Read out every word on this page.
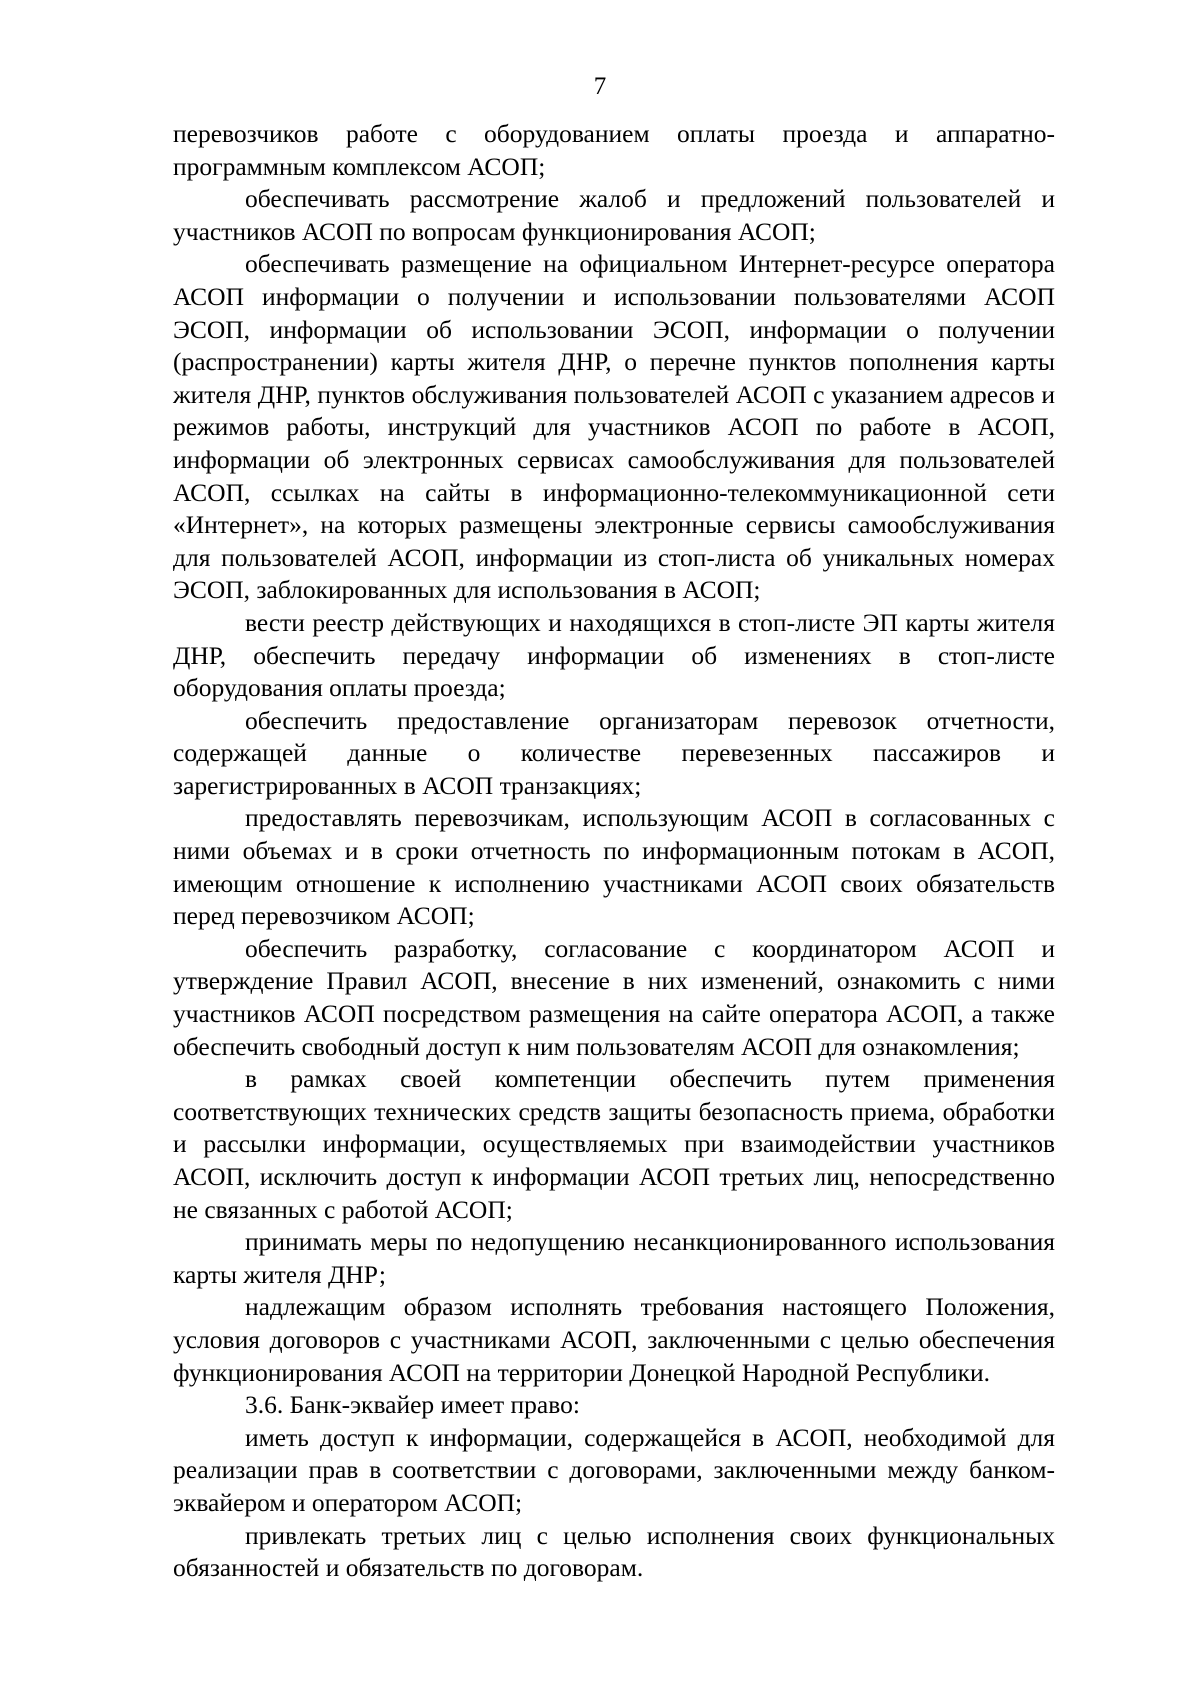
7

перевозчиков работе с оборудованием оплаты проезда и аппаратно-программным комплексом АСОП;

обеспечивать рассмотрение жалоб и предложений пользователей и участников АСОП по вопросам функционирования АСОП;

обеспечивать размещение на официальном Интернет-ресурсе оператора АСОП информации о получении и использовании пользователями АСОП ЭСОП, информации об использовании ЭСОП, информации о получении (распространении) карты жителя ДНР, о перечне пунктов пополнения карты жителя ДНР, пунктов обслуживания пользователей АСОП с указанием адресов и режимов работы, инструкций для участников АСОП по работе в АСОП, информации об электронных сервисах самообслуживания для пользователей АСОП, ссылках на сайты в информационно-телекоммуникационной сети «Интернет», на которых размещены электронные сервисы самообслуживания для пользователей АСОП, информации из стоп-листа об уникальных номерах ЭСОП, заблокированных для использования в АСОП;

вести реестр действующих и находящихся в стоп-листе ЭП карты жителя ДНР, обеспечить передачу информации об изменениях в стоп-листе оборудования оплаты проезда;

обеспечить предоставление организаторам перевозок отчетности, содержащей данные о количестве перевезенных пассажиров и зарегистрированных в АСОП транзакциях;

предоставлять перевозчикам, использующим АСОП в согласованных с ними объемах и в сроки отчетность по информационным потокам в АСОП, имеющим отношение к исполнению участниками АСОП своих обязательств перед перевозчиком АСОП;

обеспечить разработку, согласование с координатором АСОП и утверждение Правил АСОП, внесение в них изменений, ознакомить с ними участников АСОП посредством размещения на сайте оператора АСОП, а также обеспечить свободный доступ к ним пользователям АСОП для ознакомления;

в рамках своей компетенции обеспечить путем применения соответствующих технических средств защиты безопасность приема, обработки и рассылки информации, осуществляемых при взаимодействии участников АСОП, исключить доступ к информации АСОП третьих лиц, непосредственно не связанных с работой АСОП;

принимать меры по недопущению несанкционированного использования карты жителя ДНР;

надлежащим образом исполнять требования настоящего Положения, условия договоров с участниками АСОП, заключенными с целью обеспечения функционирования АСОП на территории Донецкой Народной Республики.

3.6. Банк-эквайер имеет право:

иметь доступ к информации, содержащейся в АСОП, необходимой для реализации прав в соответствии с договорами, заключенными между банком-эквайером и оператором АСОП;

привлекать третьих лиц с целью исполнения своих функциональных обязанностей и обязательств по договорам.
